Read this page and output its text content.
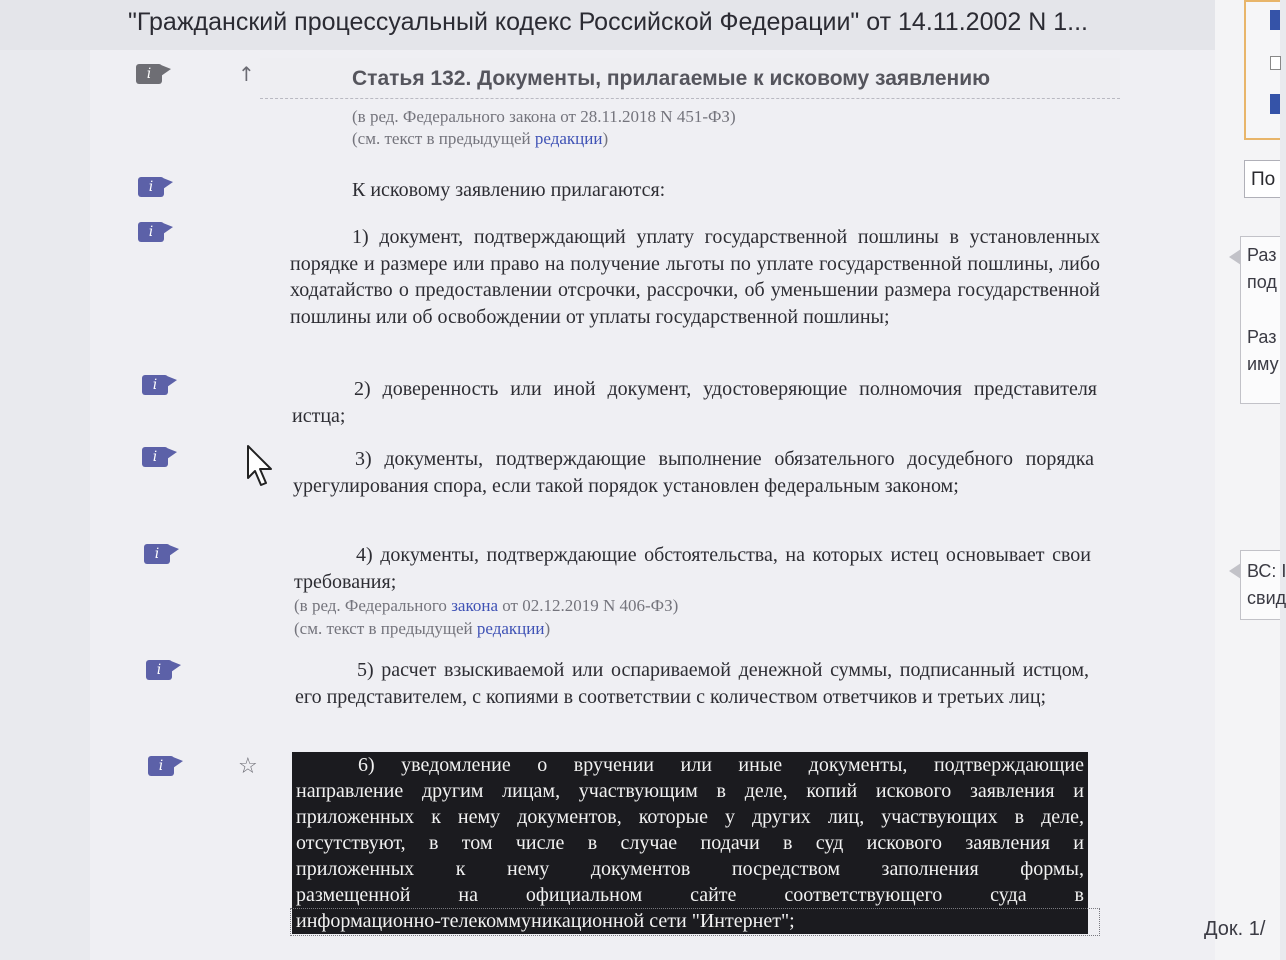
"Гражданский процессуальный кодекс Российской Федерации" от 14.11.2002 N 1...
↑	Статья 132. Документы, прилагаемые к исковому заявлению
i
i
i
i
i
i
i
i	☆
(в ред. Федерального закона от 28.11.2018 N 451-ФЗ)
(см. текст в предыдущей редакции)
К исковому заявлению прилагаются:
1) документ, подтверждающий уплату государственной пошлины в установленных порядке и размере или право на получение льготы по уплате государственной пошлины, либо ходатайство о предоставлении отсрочки, рассрочки, об уменьшении размера государственной пошлины или об освобождении от уплаты государственной пошлины;
2) доверенность или иной документ, удостоверяющие полномочия представителя истца;
3) документы, подтверждающие выполнение обязательного досудебного порядка урегулирования спора, если такой порядок установлен федеральным законом;
4) документы, подтверждающие обстоятельства, на которых истец основывает свои требования;
(в ред. Федерального закона от 02.12.2019 N 406-ФЗ)
(см. текст в предыдущей редакции)
5) расчет взыскиваемой или оспариваемой денежной суммы, подписанный истцом, его представителем, с копиями в соответствии с количеством ответчиков и третьих лиц;
6) уведомление о вручении или иные документы, подтверждающие
направление другим лицам, участвующим в деле, копий искового заявления и
приложенных к нему документов, которые у других лиц, участвующих в деле,
отсутствуют, в том числе в случае подачи в суд искового заявления и
приложенных к нему документов посредством заполнения формы,
размещенной на официальном сайте соответствующего суда в
информационно-телекоммуникационной сети "Интернет";
По
Раз
под
Раз
иму
ВС: І
свид
Док. 1/
